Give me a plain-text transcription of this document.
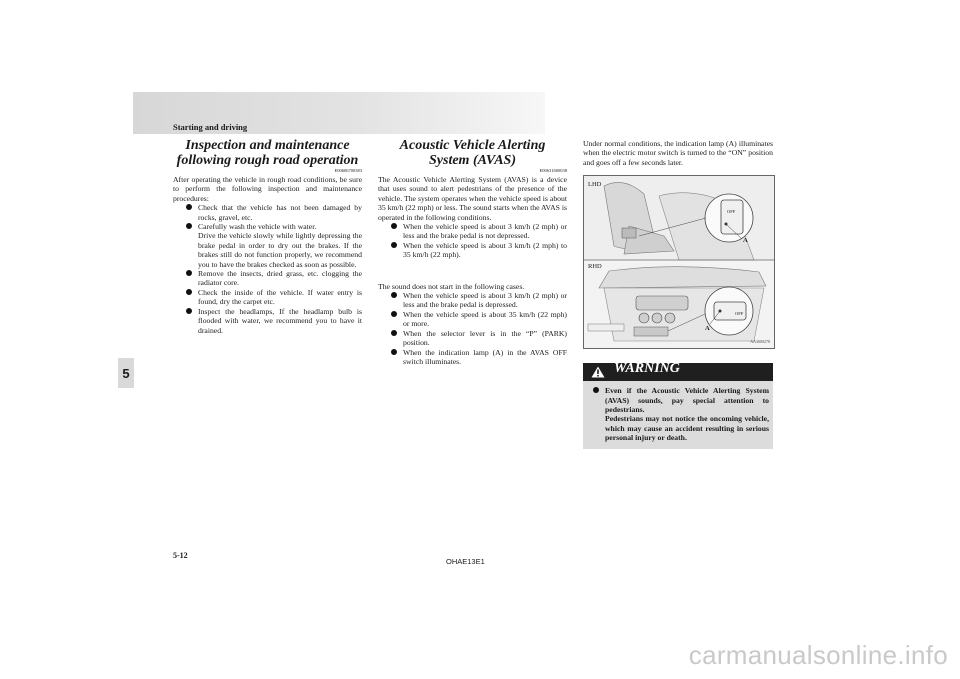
Starting and driving
5
Inspection and maintenance following rough road operation
E00606700383

After operating the vehicle in rough road conditions, be sure to perform the following inspection and maintenance procedures:

Check that the vehicle has not been damaged by rocks, gravel, etc.
Carefully wash the vehicle with water.
Drive the vehicle slowly while lightly depressing the brake pedal in order to dry out the brakes. If the brakes still do not function properly, we recommend you to have the brakes checked as soon as possible.
Remove the insects, dried grass, etc. clogging the radiator core.
Check the inside of the vehicle. If water entry is found, dry the carpet etc.
Inspect the headlamps, If the headlamp bulb is flooded with water, we recommend you to have it drained.
Acoustic Vehicle Alerting System (AVAS)
E00631600038

The Acoustic Vehicle Alerting System (AVAS) is a device that uses sound to alert pedestrians of the presence of the vehicle. The system operates when the vehicle speed is about 35 km/h (22 mph) or less. The sound starts when the AVAS is operated in the following conditions.

When the vehicle speed is about 3 km/h (2 mph) or less and the brake pedal is not depressed.
When the vehicle speed is about 3 km/h (2 mph) to 35 km/h (22 mph).

The sound does not start in the following cases.

When the vehicle speed is about 3 km/h (2 mph) or less and the brake pedal is depressed.
When the vehicle speed is about 35 km/h (22 mph) or more.
When the selector lever is in the “P” (PARK) position.
When the indication lamp (A) in the AVAS OFF switch illuminates.

Under normal conditions, the indication lamp (A) illuminates when the electric motor switch is turned to the “ON” position and goes off a few seconds later.

LHD
RHD
OFF
OFF
A
A
AA3000278
WARNING
Even if the Acoustic Vehicle Alerting System (AVAS) sounds, pay special attention to pedestrians.
Pedestrians may not notice the oncoming vehicle, which may cause an accident resulting in serious personal injury or death.
5-12
OHAE13E1
carmanualsonline.info
